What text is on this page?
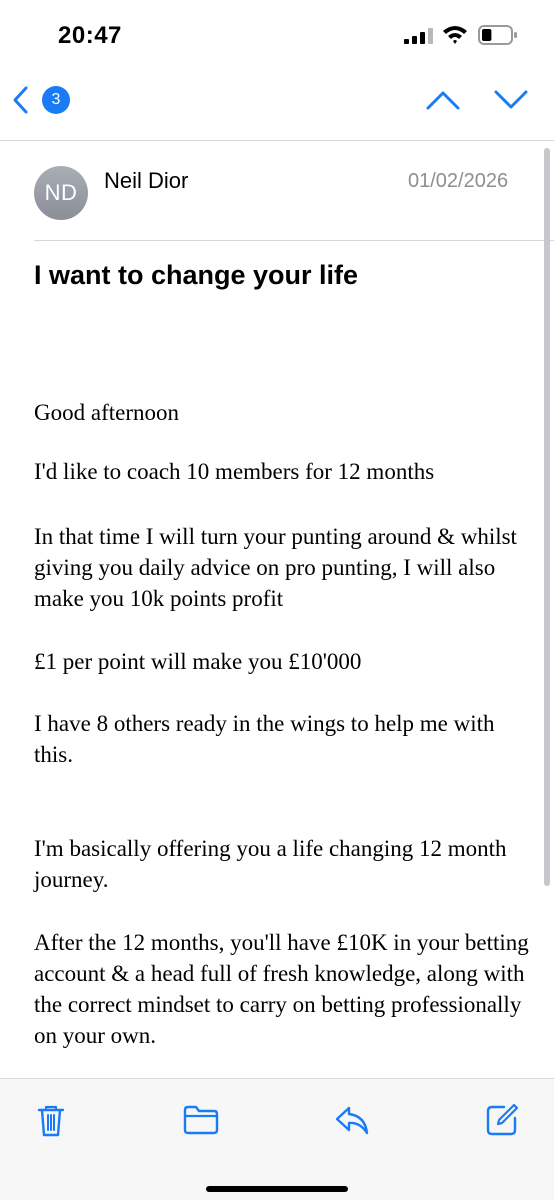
20:47
3
ND	Neil Dior	01/02/2026
I want to change your life

Good afternoon

I'd like to coach 10 members for 12 months

In that time I will turn your punting around & whilst giving you daily advice on pro punting, I will also make you 10k points profit

£1 per point will make you £10'000

I have 8 others ready in the wings to help me with this.

I'm basically offering you a life changing 12 month journey.

After the 12 months, you'll have £10K in your betting account & a head full of fresh knowledge, along with the correct mindset to carry on betting professionally on your own.
